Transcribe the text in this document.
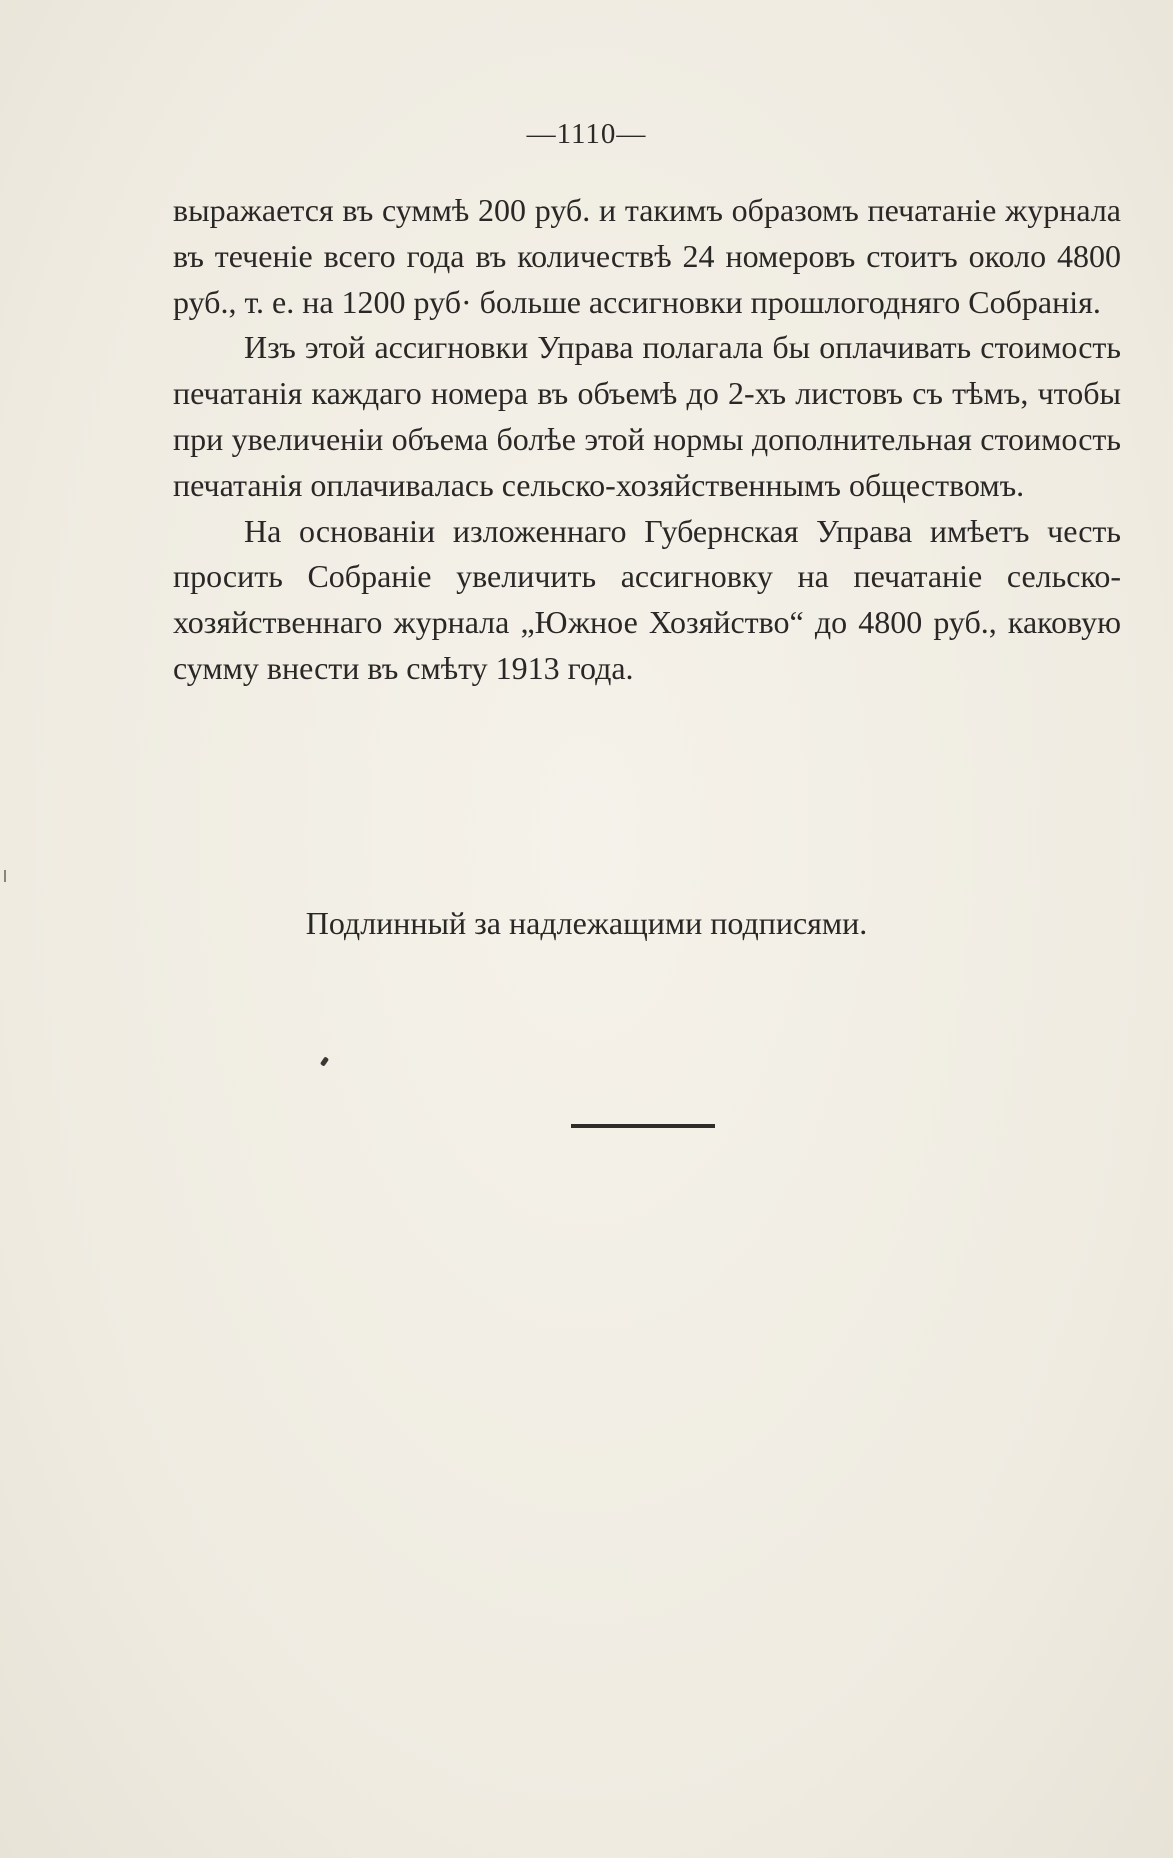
—1110—

выражается въ суммѣ 200 руб. и такимъ образомъ печатаніе журнала въ теченіе всего года въ количествѣ 24 номеровъ стоитъ около 4800 руб., т. е. на 1200 руб· больше ассигновки прошлогодняго Собранія.

Изъ этой ассигновки Управа полагала бы оплачивать стоимость печатанія каждаго номера въ объемѣ до 2-хъ листовъ съ тѣмъ, чтобы при увеличеніи объема болѣе этой нормы дополнительная стоимость печатанія оплачивалась сельско-хозяйственнымъ обществомъ.

На основаніи изложеннаго Губернская Управа имѣетъ честь просить Собраніе увеличить ассигновку на печатаніе сельско-хозяйственнаго журнала „Южное Хозяйство“ до 4800 руб., каковую сумму внести въ смѣту 1913 года.

Подлинный за надлежащими подписями.
